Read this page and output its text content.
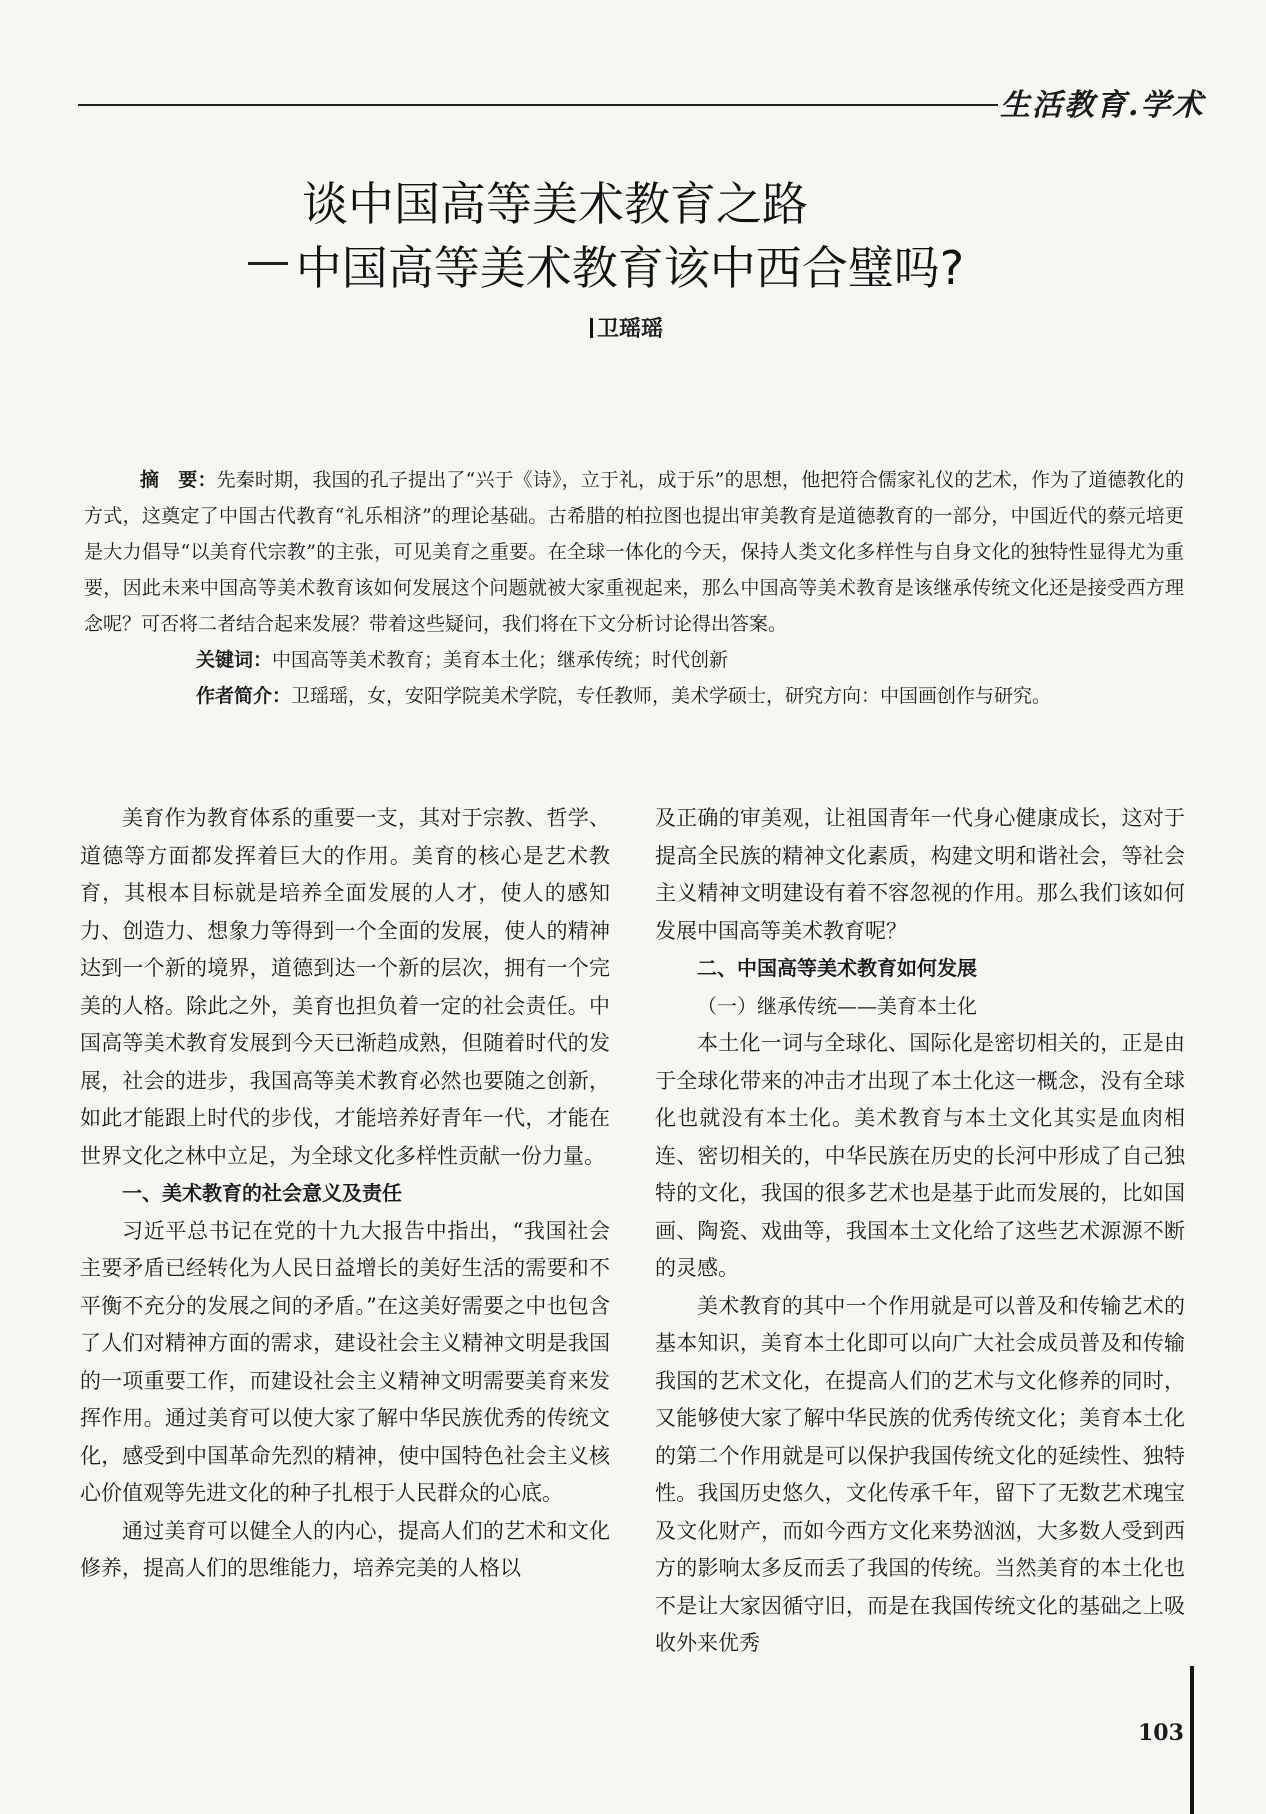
生活教育.学术
谈中国高等美术教育之路
中国高等美术教育该中西合璧吗?
卫瑶瑶

摘　要：先秦时期，我国的孔子提出了“兴于《诗》，立于礼，成于乐”的思想，他把符合儒家礼仪的艺术，作为了道德教化的方式，这奠定了中国古代教育“礼乐相济”的理论基础。古希腊的柏拉图也提出审美教育是道德教育的一部分，中国近代的蔡元培更是大力倡导“以美育代宗教”的主张，可见美育之重要。在全球一体化的今天，保持人类文化多样性与自身文化的独特性显得尤为重要，因此未来中国高等美术教育该如何发展这个问题就被大家重视起来，那么中国高等美术教育是该继承传统文化还是接受西方理念呢？可否将二者结合起来发展？带着这些疑问，我们将在下文分析讨论得出答案。

关键词：中国高等美术教育；美育本土化；继承传统；时代创新

作者简介：卫瑶瑶，女，安阳学院美术学院，专任教师，美术学硕士，研究方向：中国画创作与研究。

美育作为教育体系的重要一支，其对于宗教、哲学、道德等方面都发挥着巨大的作用。美育的核心是艺术教育，其根本目标就是培养全面发展的人才，使人的感知力、创造力、想象力等得到一个全面的发展，使人的精神达到一个新的境界，道德到达一个新的层次，拥有一个完美的人格。除此之外，美育也担负着一定的社会责任。中国高等美术教育发展到今天已渐趋成熟，但随着时代的发展，社会的进步，我国高等美术教育必然也要随之创新，如此才能跟上时代的步伐，才能培养好青年一代，才能在世界文化之林中立足，为全球文化多样性贡献一份力量。

一、美术教育的社会意义及责任

习近平总书记在党的十九大报告中指出，“我国社会主要矛盾已经转化为人民日益增长的美好生活的需要和不平衡不充分的发展之间的矛盾。”在这美好需要之中也包含了人们对精神方面的需求，建设社会主义精神文明是我国的一项重要工作，而建设社会主义精神文明需要美育来发挥作用。通过美育可以使大家了解中华民族优秀的传统文化，感受到中国革命先烈的精神，使中国特色社会主义核心价值观等先进文化的种子扎根于人民群众的心底。

通过美育可以健全人的内心，提高人们的艺术和文化修养，提高人们的思维能力，培养完美的人格以

及正确的审美观，让祖国青年一代身心健康成长，这对于提高全民族的精神文化素质，构建文明和谐社会，等社会主义精神文明建设有着不容忽视的作用。那么我们该如何发展中国高等美术教育呢？

二、中国高等美术教育如何发展
（一）继承传统——美育本土化

本土化一词与全球化、国际化是密切相关的，正是由于全球化带来的冲击才出现了本土化这一概念，没有全球化也就没有本土化。美术教育与本土文化其实是血肉相连、密切相关的，中华民族在历史的长河中形成了自己独特的文化，我国的很多艺术也是基于此而发展的，比如国画、陶瓷、戏曲等，我国本土文化给了这些艺术源源不断的灵感。

美术教育的其中一个作用就是可以普及和传输艺术的基本知识，美育本土化即可以向广大社会成员普及和传输我国的艺术文化，在提高人们的艺术与文化修养的同时，又能够使大家了解中华民族的优秀传统文化；美育本土化的第二个作用就是可以保护我国传统文化的延续性、独特性。我国历史悠久，文化传承千年，留下了无数艺术瑰宝及文化财产，而如今西方文化来势汹汹，大多数人受到西方的影响太多反而丢了我国的传统。当然美育的本土化也不是让大家因循守旧，而是在我国传统文化的基础之上吸收外来优秀

103
